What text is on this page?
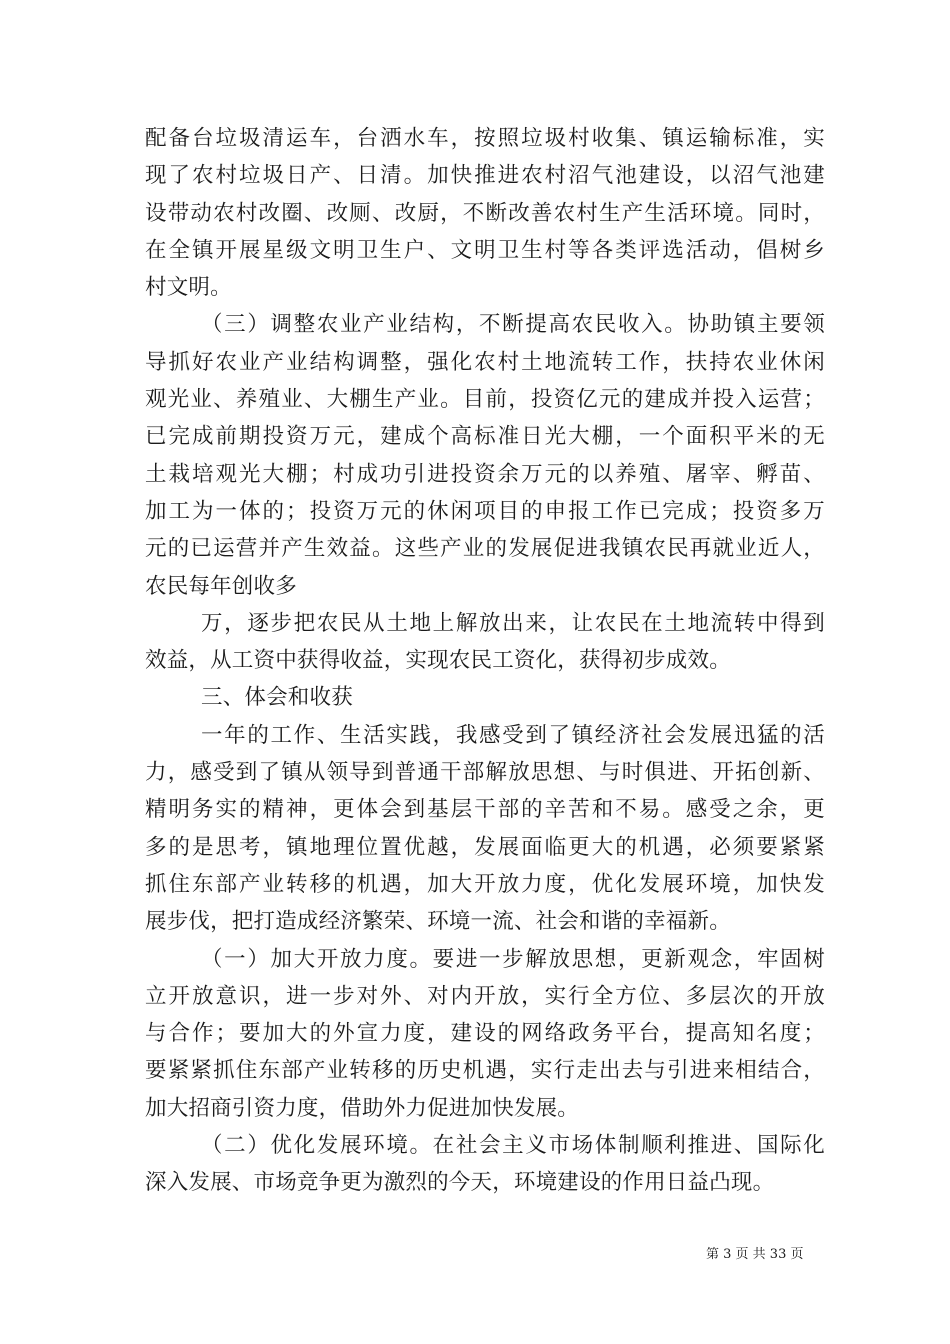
配备台垃圾清运车，台洒水车，按照垃圾村收集、镇运输标准，实
现了农村垃圾日产、日清。加快推进农村沼气池建设，以沼气池建
设带动农村改圈、改厕、改厨，不断改善农村生产生活环境。同时，
在全镇开展星级文明卫生户、文明卫生村等各类评选活动，倡树乡
村文明。
（三）调整农业产业结构，不断提高农民收入。协助镇主要领
导抓好农业产业结构调整，强化农村土地流转工作，扶持农业休闲
观光业、养殖业、大棚生产业。目前，投资亿元的建成并投入运营；
已完成前期投资万元，建成个高标准日光大棚，一个面积平米的无
土栽培观光大棚；村成功引进投资余万元的以养殖、屠宰、孵苗、
加工为一体的；投资万元的休闲项目的申报工作已完成；投资多万
元的已运营并产生效益。这些产业的发展促进我镇农民再就业近人，
农民每年创收多
万，逐步把农民从土地上解放出来，让农民在土地流转中得到
效益，从工资中获得收益，实现农民工资化，获得初步成效。
三、体会和收获
一年的工作、生活实践，我感受到了镇经济社会发展迅猛的活
力，感受到了镇从领导到普通干部解放思想、与时俱进、开拓创新、
精明务实的精神，更体会到基层干部的辛苦和不易。感受之余，更
多的是思考，镇地理位置优越，发展面临更大的机遇，必须要紧紧
抓住东部产业转移的机遇，加大开放力度，优化发展环境，加快发
展步伐，把打造成经济繁荣、环境一流、社会和谐的幸福新。
（一）加大开放力度。要进一步解放思想，更新观念，牢固树
立开放意识，进一步对外、对内开放，实行全方位、多层次的开放
与合作；要加大的外宣力度，建设的网络政务平台，提高知名度；
要紧紧抓住东部产业转移的历史机遇，实行走出去与引进来相结合，
加大招商引资力度，借助外力促进加快发展。
（二）优化发展环境。在社会主义市场体制顺利推进、国际化
深入发展、市场竞争更为激烈的今天，环境建设的作用日益凸现。
第 3 页 共 33 页
